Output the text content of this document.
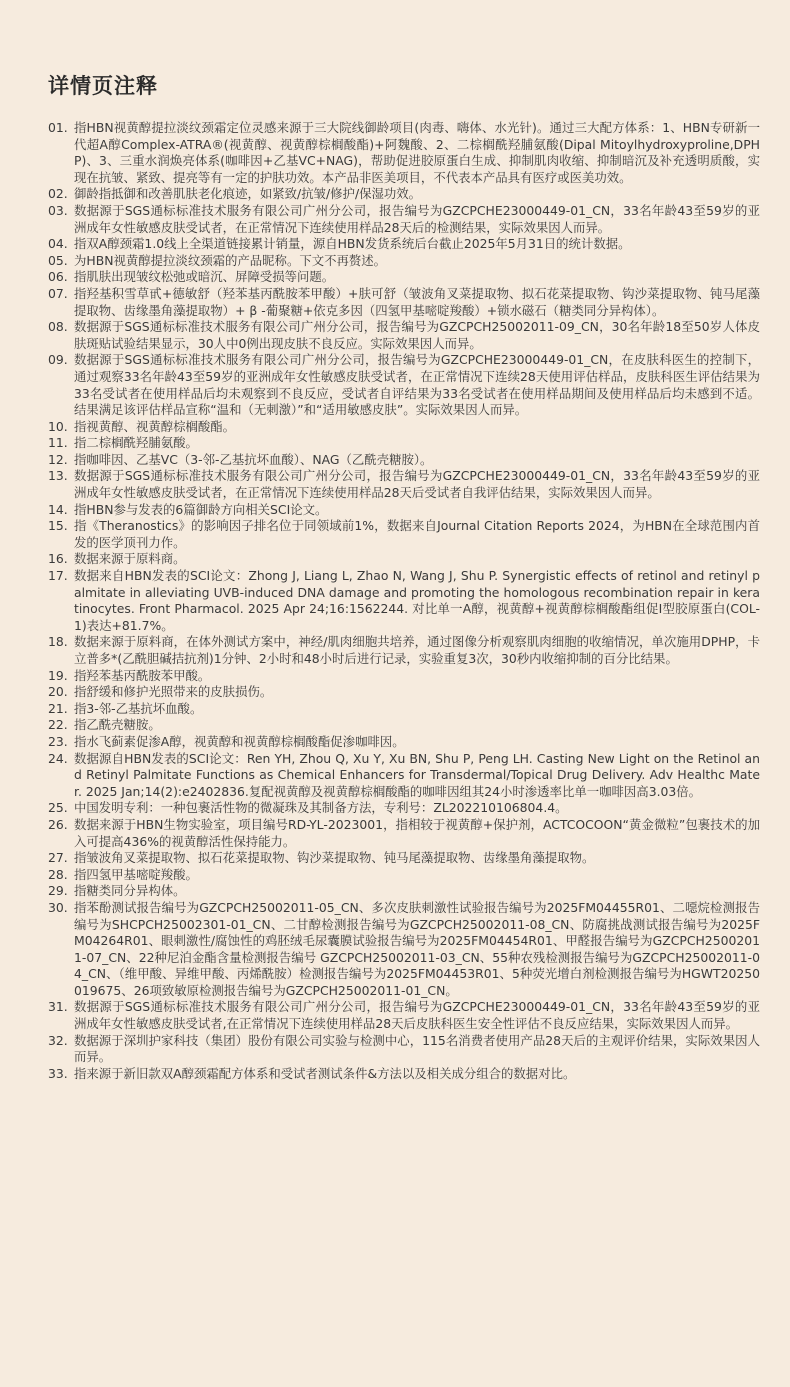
详情页注释
01. 指HBN视黄醇提拉淡纹颈霜定位灵感来源于三大院线御龄项目(肉毒、嗨体、水光针)。通过三大配方体系：1、HBN专研新一代超A醇Complex-ATRA®(视黄醇、视黄醇棕榈酸酯)+阿魏酸、2、二棕榈酰羟脯氨酸(Dipal Mitoylhydroxyproline,DPHP)、3、三重水润焕亮体系(咖啡因+乙基VC+NAG)，帮助促进胶原蛋白生成、抑制肌肉收缩、抑制暗沉及补充透明质酸，实现在抗皱、紧致、提亮等有一定的护肤功效。本产品非医美项目，不代表本产品具有医疗或医美功效。
02. 御龄指抵御和改善肌肤老化痕迹，如紧致/抗皱/修护/保湿功效。
03. 数据源于SGS通标标准技术服务有限公司广州分公司，报告编号为GZCPCHE23000449-01_CN，33名年龄43至59岁的亚洲成年女性敏感皮肤受试者，在正常情况下连续使用样品28天后的检测结果，实际效果因人而异。
04. 指双A醇颈霜1.0线上全渠道链接累计销量，源自HBN发货系统后台截止2025年5月31日的统计数据。
05. 为HBN视黄醇提拉淡纹颈霜的产品昵称。下文不再赘述。
06. 指肌肤出现皱纹松弛或暗沉、屏障受损等问题。
07. 指羟基积雪草甙+德敏舒（羟苯基丙酰胺苯甲酸）+肤可舒（皱波角叉菜提取物、拟石花菜提取物、钩沙菜提取物、钝马尾藻提取物、齿缘墨角藻提取物）+ β -葡聚糖+依克多因（四氢甲基嘧啶羧酸）+锁水磁石（糖类同分异构体）。
08. 数据源于SGS通标标准技术服务有限公司广州分公司，报告编号为GZCPCH25002011-09_CN，30名年龄18至50岁人体皮肤斑贴试验结果显示，30人中0例出现皮肤不良反应。实际效果因人而异。
09. 数据源于SGS通标标准技术服务有限公司广州分公司，报告编号为GZCPCHE23000449-01_CN，在皮肤科医生的控制下，通过观察33名年龄43至59岁的亚洲成年女性敏感皮肤受试者，在正常情况下连续28天使用评估样品，皮肤科医生评估结果为33名受试者在使用样品后均未观察到不良反应，受试者自评结果为33名受试者在使用样品期间及使用样品后均未感到不适。结果满足该评估样品宣称“温和（无刺激）”和“适用敏感皮肤”。实际效果因人而异。
10. 指视黄醇、视黄醇棕榈酸酯。
11. 指二棕榈酰羟脯氨酸。
12. 指咖啡因、乙基VC（3-邻-乙基抗坏血酸）、NAG（乙酰壳糖胺）。
13. 数据源于SGS通标标准技术服务有限公司广州分公司，报告编号为GZCPCHE23000449-01_CN，33名年龄43至59岁的亚洲成年女性敏感皮肤受试者，在正常情况下连续使用样品28天后受试者自我评估结果，实际效果因人而异。
14. 指HBN参与发表的6篇御龄方向相关SCI论文。
15. 指《Theranostics》的影响因子排名位于同领域前1%，数据来自Journal Citation Reports 2024，为HBN在全球范围内首发的医学顶刊力作。
16. 数据来源于原料商。
17. 数据来自HBN发表的SCI论文：Zhong J, Liang L, Zhao N, Wang J, Shu P. Synergistic effects of retinol and retinyl palmitate in alleviating UVB-induced DNA damage and promoting the homologous recombination repair in keratinocytes. Front Pharmacol. 2025 Apr 24;16:1562244. 对比单一A醇，视黄醇+视黄醇棕榈酸酯组促I型胶原蛋白(COL-1)表达+81.7%。
18. 数据来源于原料商，在体外测试方案中，神经/肌肉细胞共培养，通过图像分析观察肌肉细胞的收缩情况，单次施用DPHP，卡立普多*(乙酰胆碱拮抗剂)1分钟、2小时和48小时后进行记录，实验重复3次，30秒内收缩抑制的百分比结果。
19. 指羟苯基丙酰胺苯甲酸。
20. 指舒缓和修护光照带来的皮肤损伤。
21. 指3-邻-乙基抗坏血酸。
22. 指乙酰壳糖胺。
23. 指水飞蓟素促渗A醇，视黄醇和视黄醇棕榈酸酯促渗咖啡因。
24. 数据源自HBN发表的SCI论文：Ren YH, Zhou Q, Xu Y, Xu BN, Shu P, Peng LH. Casting New Light on the Retinol and Retinyl Palmitate Functions as Chemical Enhancers for Transdermal/Topical Drug Delivery. Adv Healthc Mater. 2025 Jan;14(2):e2402836.复配视黄醇及视黄醇棕榈酸酯的咖啡因组其24小时渗透率比单一咖啡因高3.03倍。
25. 中国发明专利：一种包裹活性物的微凝珠及其制备方法，专利号：ZL202210106804.4。
26. 数据来源于HBN生物实验室，项目编号RD-YL-2023001，指相较于视黄醇+保护剂，ACTCOCOON“黄金微粒”包裹技术的加入可提高436%的视黄醇活性保持能力。
27. 指皱波角叉菜提取物、拟石花菜提取物、钩沙菜提取物、钝马尾藻提取物、齿缘墨角藻提取物。
28. 指四氢甲基嘧啶羧酸。
29. 指糖类同分异构体。
30. 指苯酚测试报告编号为GZCPCH25002011-05_CN、多次皮肤刺激性试验报告编号为2025FM04455R01、二噁烷检测报告编号为SHCPCH25002301-01_CN、二甘醇检测报告编号为GZCPCH25002011-08_CN、防腐挑战测试报告编号为2025FM04264R01、眼刺激性/腐蚀性的鸡胚绒毛尿囊膜试验报告编号为2025FM04454R01、甲醛报告编号为GZCPCH25002011-07_CN、22种尼泊金酯含量检测报告编号 GZCPCH25002011-03_CN、55种农残检测报告编号为GZCPCH25002011-04_CN、（维甲酸、异维甲酸、丙烯酰胺）检测报告编号为2025FM04453R01、5种荧光增白剂检测报告编号为HGWT20250019675、26项致敏原检测报告编号为GZCPCH25002011-01_CN。
31. 数据源于SGS通标标准技术服务有限公司广州分公司，报告编号为GZCPCHE23000449-01_CN，33名年龄43至59岁的亚洲成年女性敏感皮肤受试者,在正常情况下连续使用样品28天后皮肤科医生安全性评估不良反应结果，实际效果因人而异。
32. 数据源于深圳护家科技（集团）股份有限公司实验与检测中心，115名消费者使用产品28天后的主观评价结果，实际效果因人而异。
33. 指来源于新旧款双A醇颈霜配方体系和受试者测试条件&方法以及相关成分组合的数据对比。
